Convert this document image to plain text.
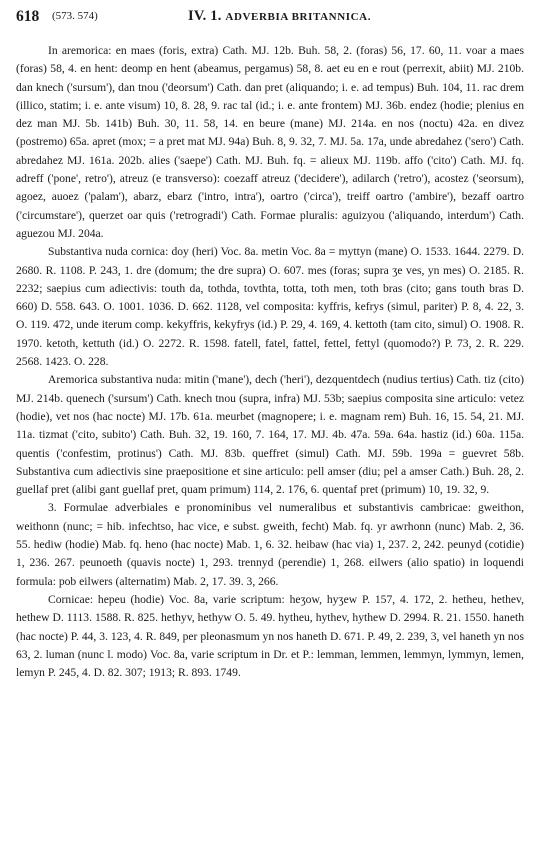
618 (573. 574)	IV. 1. ADVERBIA BRITANNICA.

In aremorica: en maes (foris, extra) Cath. MJ. 12b. Buh. 58, 2. (foras) 56, 17. 60, 11. voar a maes (foras) 58, 4. en hent: deomp en hent (abeamus, pergamus) 58, 8. aet eu en e rout (perrexit, abiit) MJ. 210b. dan knech ('sursum'), dan tnou ('deorsum') Cath. dan pret (aliquando; i. e. ad tempus) Buh. 104, 11. rac drem (illico, statim; i. e. ante visum) 10, 8. 28, 9. rac tal (id.; i. e. ante frontem) MJ. 36b. endez (hodie; plenius en dez man MJ. 5b. 141b) Buh. 30, 11. 58, 14. en beure (mane) MJ. 214a. en nos (noctu) 42a. en divez (postremo) 65a. apret (mox; = a pret mat MJ. 94a) Buh. 8, 9. 32, 7. MJ. 5a. 17a, unde abredahez ('sero') Cath. abredahez MJ. 161a. 202b. alies ('saepe') Cath. MJ. Buh. fq. = alieux MJ. 119b. affo ('cito') Cath. MJ. fq. adreff ('pone', retro'), atreuz (e transverso): coezaff atreuz ('decidere'), adilarch ('retro'), acostez ('seorsum), agoez, auoez ('palam'), abarz, ebarz ('intro, intra'), oartro ('circa'), treiff oartro ('ambire'), bezaff oartro ('circumstare'), querzet oar quis ('retrogradi') Cath. Formae pluralis: aguizyou ('aliquando, interdum') Cath. aguezou MJ. 204a.

Substantiva nuda cornica: doy (heri) Voc. 8a. metin Voc. 8a = myttyn (mane) O. 1533. 1644. 2279. D. 2680. R. 1108. P. 243, 1. dre (domum; the dre supra) O. 607. mes (foras; supra ʒe ves, yn mes) O. 2185. R. 2232; saepius cum adiectivis: touth da, tothda, tovthta, totta, toth men, toth bras (cito; gans touth bras D. 660) D. 558. 643. O. 1001. 1036. D. 662. 1128, vel composita: kyffris, kefrys (simul, pariter) P. 8, 4. 22, 3. O. 119. 472, unde iterum comp. kekyffris, kekyfrys (id.) P. 29, 4. 169, 4. kettoth (tam cito, simul) O. 1908. R. 1970. ketoth, kettuth (id.) O. 2272. R. 1598. fatell, fatel, fattel, fettel, fettyl (quomodo?) P. 73, 2. R. 229. 2568. 1423. O. 228.

Aremorica substantiva nuda: mitin ('mane'), dech ('heri'), dezquentdech (nudius tertius) Cath. tiz (cito) MJ. 214b. quenech ('sursum') Cath. knech tnou (supra, infra) MJ. 53b; saepius composita sine articulo: vetez (hodie), vet nos (hac nocte) MJ. 17b. 61a. meurbet (magnopere; i. e. magnam rem) Buh. 16, 15. 54, 21. MJ. 11a. tizmat ('cito, subito') Cath. Buh. 32, 19. 160, 7. 164, 17. MJ. 4b. 47a. 59a. 64a. hastiz (id.) 60a. 115a. quentis ('confestim, protinus') Cath. MJ. 83b. queffret (simul) Cath. MJ. 59b. 199a = guevret 58b. Substantiva cum adiectivis sine praepositione et sine articulo: pell amser (diu; pel a amser Cath.) Buh. 28, 2. guellaf pret (alibi gant guellaf pret, quam primum) 114, 2. 176, 6. quentaf pret (primum) 10, 19. 32, 9.

3. Formulae adverbiales e pronominibus vel numeralibus et substantivis cambricae: gweithon, weithonn (nunc; = hib. infechtso, hac vice, e subst. gweith, fecht) Mab. fq. yr awrhonn (nunc) Mab. 2, 36. 55. hediw (hodie) Mab. fq. heno (hac nocte) Mab. 1, 6. 32. heibaw (hac via) 1, 237. 2, 242. peunyd (cotidie) 1, 236. 267. peunoeth (quavis nocte) 1, 293. trennyd (perendie) 1, 268. eilwers (alio spatio) in loquendi formula: pob eilwers (alternatim) Mab. 2, 17. 39. 3, 266.

Cornicae: hepeu (hodie) Voc. 8a, varie scriptum: heʒow, hyʒew P. 157, 4. 172, 2. hetheu, hethev, hethew D. 1113. 1588. R. 825. hethyv, hethyw O. 5. 49. hytheu, hythev, hythew D. 2994. R. 21. 1550. haneth (hac nocte) P. 44, 3. 123, 4. R. 849, per pleonasmum yn nos haneth D. 671. P. 49, 2. 239, 3, vel haneth yn nos 63, 2. luman (nunc l. modo) Voc. 8a, varie scriptum in Dr. et P.: lemman, lemmen, lemmyn, lymmyn, lemen, lemyn P. 245, 4. D. 82. 307; 1913; R. 893. 1749.
